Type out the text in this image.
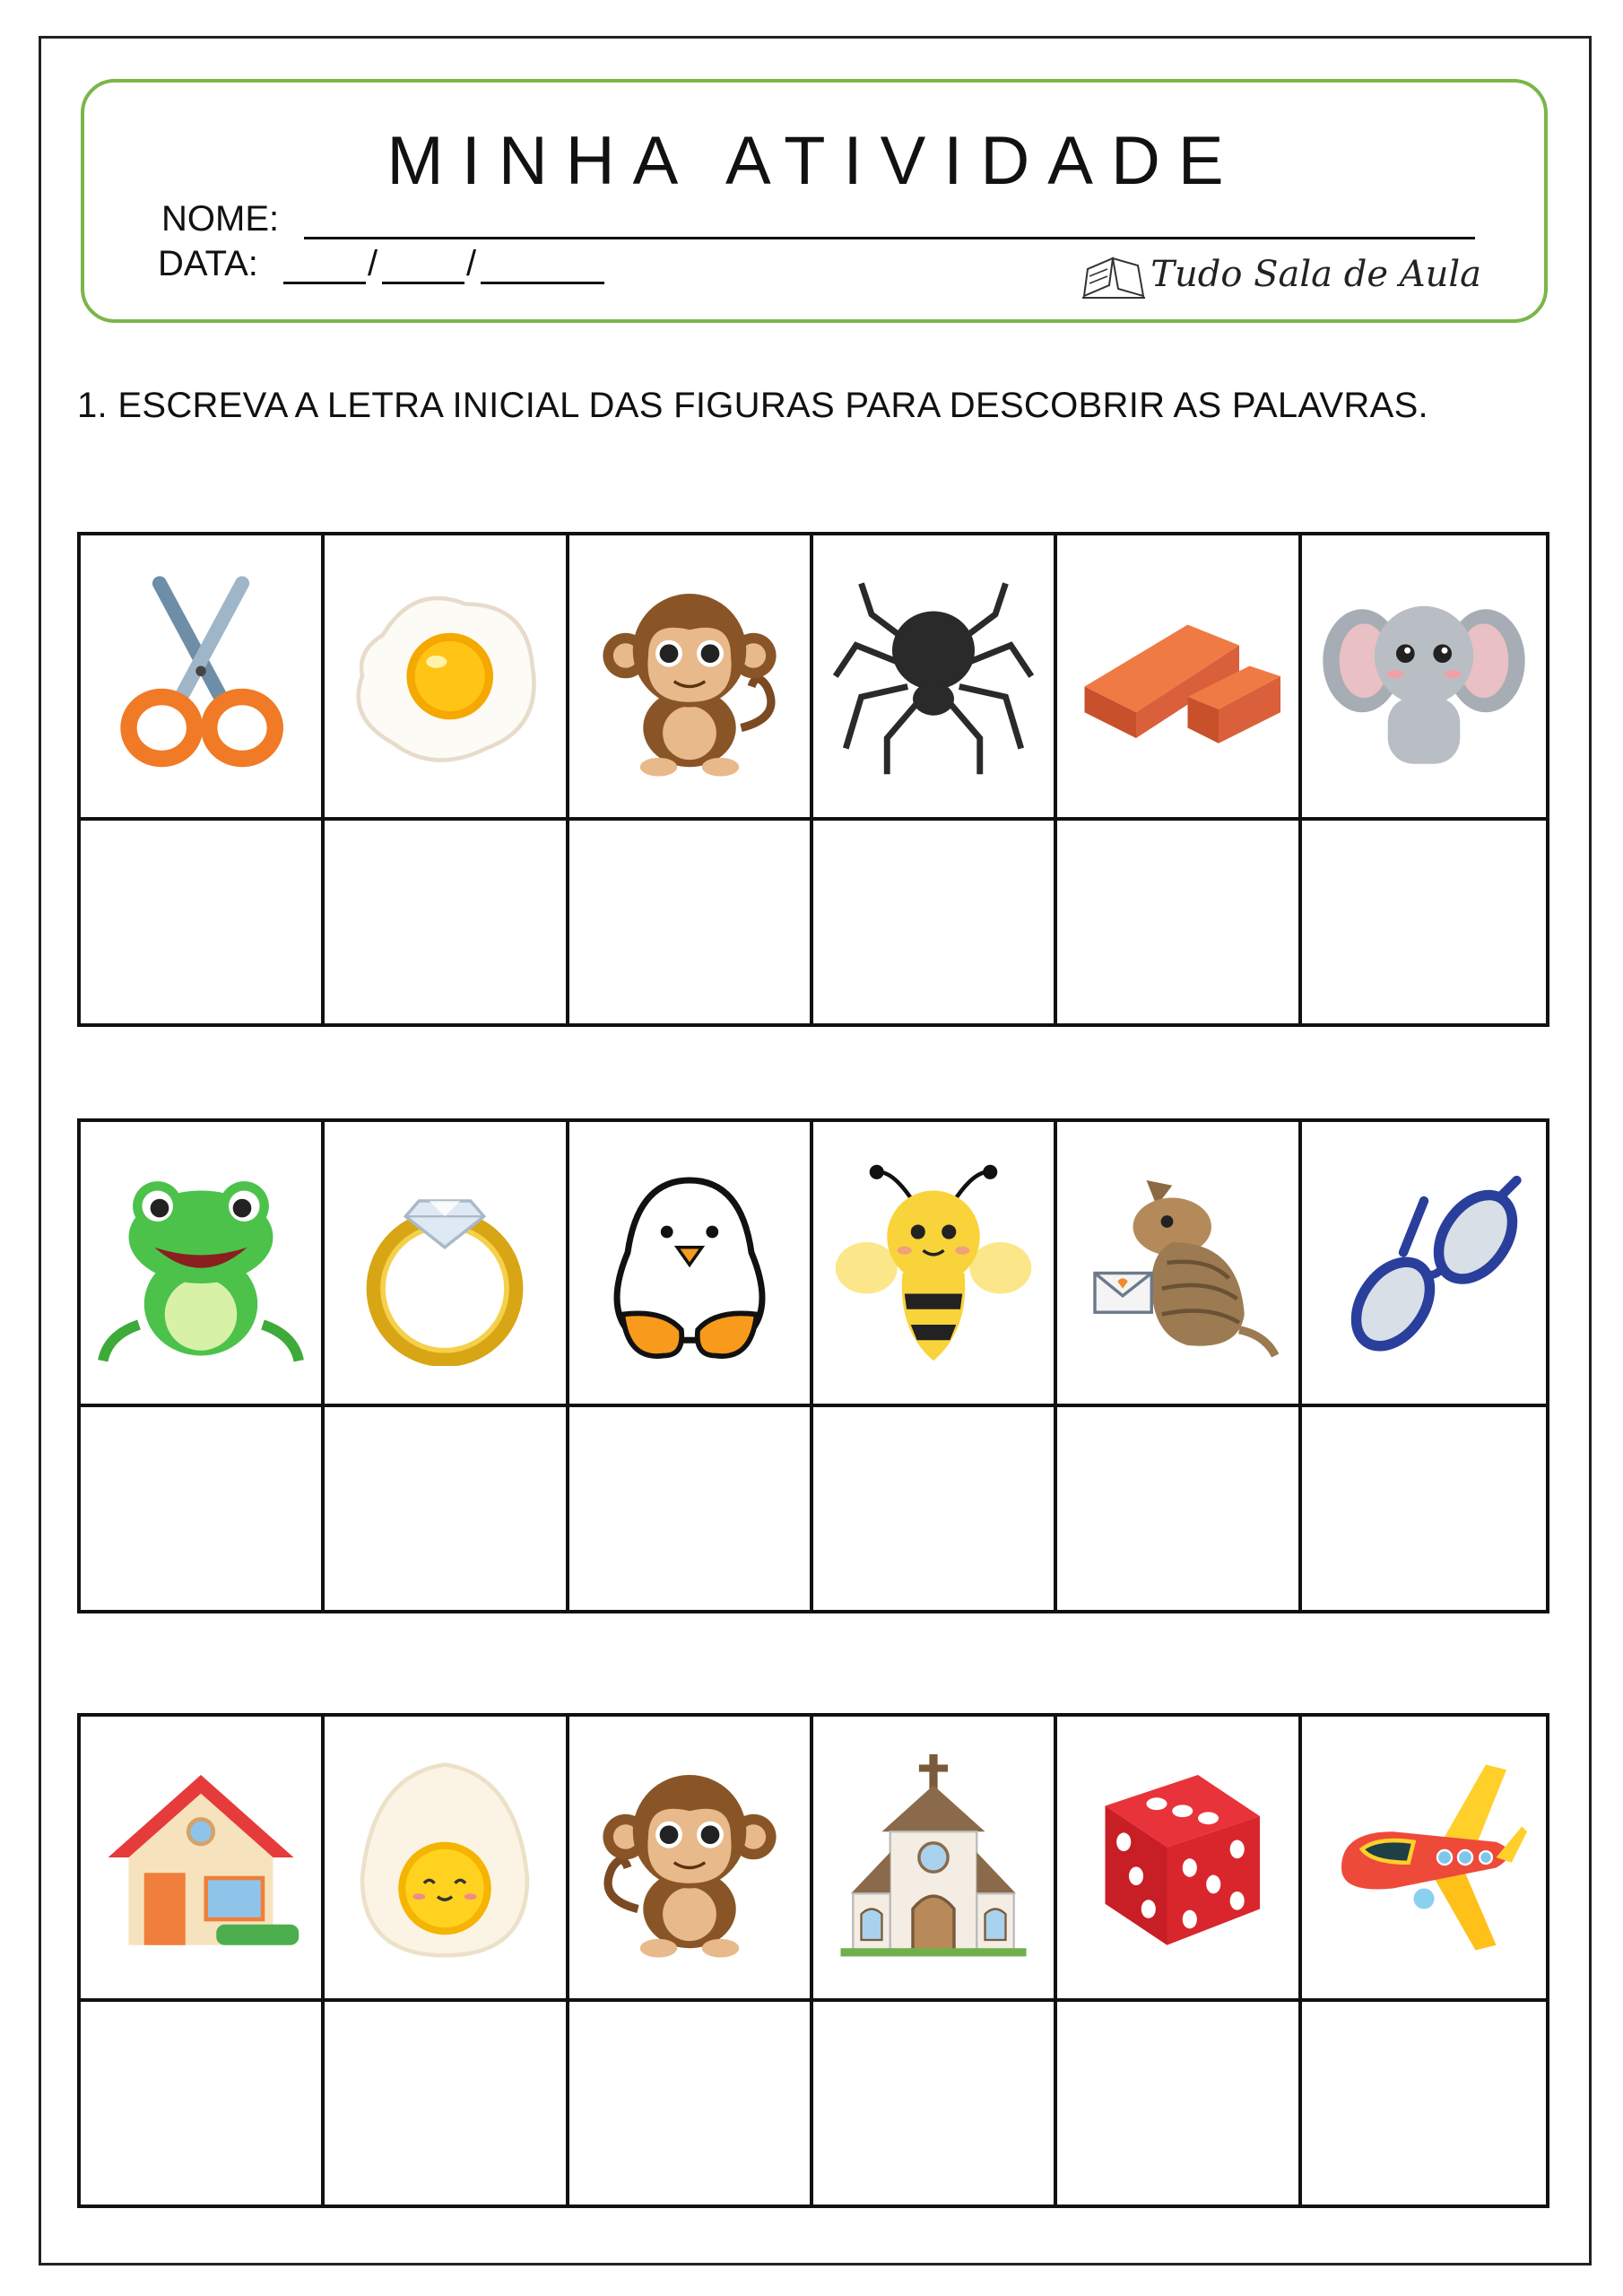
MINHA ATIVIDADE
NOME:
DATA:	/ /	Tudo Sala de Aula
1. ESCREVA A LETRA INICIAL DAS FIGURAS PARA DESCOBRIR AS PALAVRAS.
